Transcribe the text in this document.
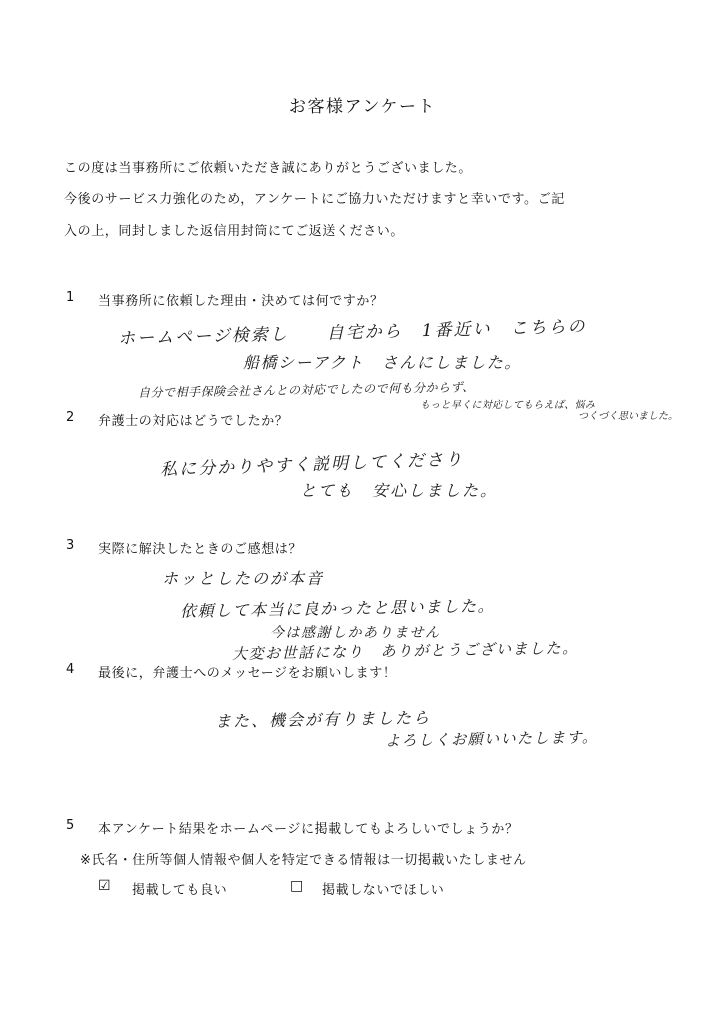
お客様アンケート
この度は当事務所にご依頼いただき誠にありがとうございました。
今後のサービス力強化のため，アンケートにご協力いただけますと幸いです。ご記
入の上，同封しました返信用封筒にてご返送ください。
1 当事務所に依頼した理由・決めては何ですか？
ホームページ検索し　　自宅から　1番近い　こちらの
船橋シーアクト　さんにしました。
自分で相手保険会社さんとの対応でしたので何も分からず、
もっと早くに対応してもらえば、悩み
つくづく思いました。
2 弁護士の対応はどうでしたか？
私に分かりやすく説明してくださり
とても　安心しました。
3 実際に解決したときのご感想は？
ホッとしたのが本音
依頼して本当に良かったと思いました。
今は感謝しかありません
大変お世話になり　ありがとうございました。
4 最後に，弁護士へのメッセージをお願いします！
また、機会が有りましたら
よろしくお願いいたします。
5 本アンケート結果をホームページに掲載してもよろしいでしょうか？
※氏名・住所等個人情報や個人を特定できる情報は一切掲載いたしません
☑ 掲載しても良い	□ 掲載しないでほしい
